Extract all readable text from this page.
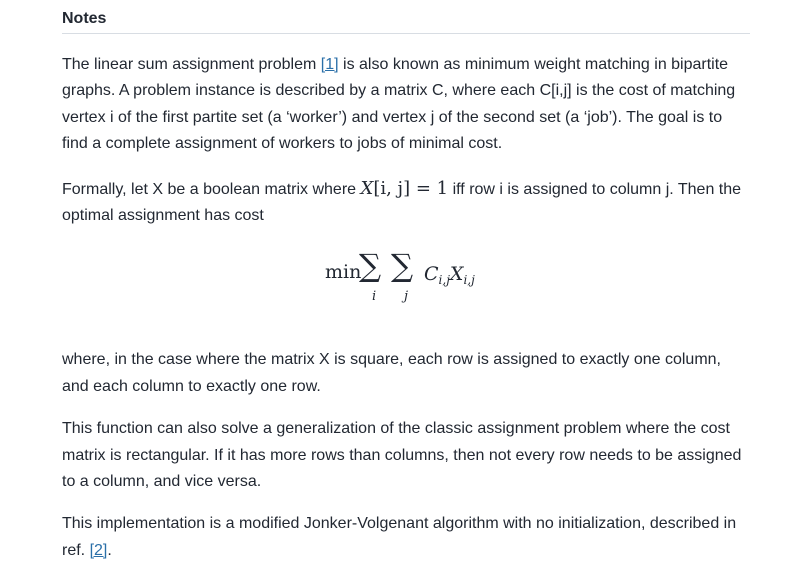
Notes

The linear sum assignment problem [1] is also known as minimum weight matching in bipartite graphs. A problem instance is described by a matrix C, where each C[i,j] is the cost of matching vertex i of the first partite set (a ‘worker’) and vertex j of the second set (a ‘job’). The goal is to find a complete assignment of workers to jobs of minimal cost.

Formally, let X be a boolean matrix where X[i, j] = 1 iff row i is assigned to column j. Then the optimal assignment has cost

min
∑
i
∑
j
$C_{i,j}X_{i,j}$

where, in the case where the matrix X is square, each row is assigned to exactly one column, and each column to exactly one row.

This function can also solve a generalization of the classic assignment problem where the cost matrix is rectangular. If it has more rows than columns, then not every row needs to be assigned to a column, and vice versa.

This implementation is a modified Jonker-Volgenant algorithm with no initialization, described in ref. [2].
